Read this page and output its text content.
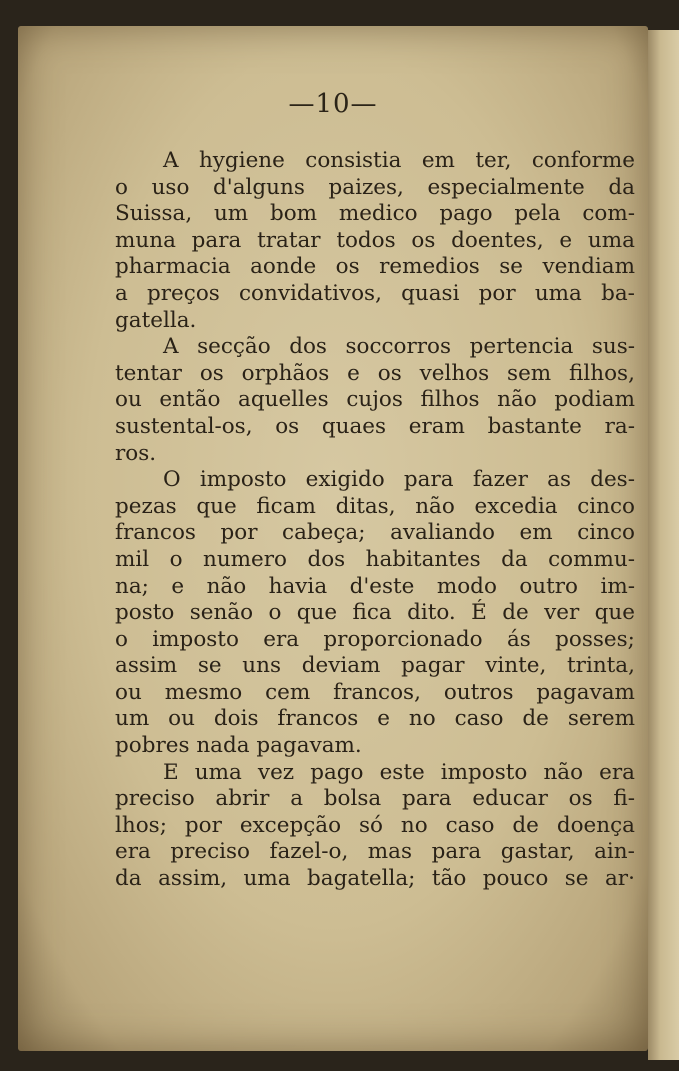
—10—
A hygiene consistia em ter, conforme
o uso d'alguns paizes, especialmente da
Suissa, um bom medico pago pela com-
muna para tratar todos os doentes, e uma
pharmacia aonde os remedios se vendiam
a preços convidativos, quasi por uma ba-
gatella.
A secção dos soccorros pertencia sus-
tentar os orphãos e os velhos sem filhos,
ou então aquelles cujos filhos não podiam
sustental-os, os quaes eram bastante ra-
ros.
O imposto exigido para fazer as des-
pezas que ficam ditas, não excedia cinco
francos por cabeça; avaliando em cinco
mil o numero dos habitantes da commu-
na; e não havia d'este modo outro im-
posto senão o que fica dito. É de ver que
o imposto era proporcionado ás posses;
assim se uns deviam pagar vinte, trinta,
ou mesmo cem francos, outros pagavam
um ou dois francos e no caso de serem
pobres nada pagavam.
E uma vez pago este imposto não era
preciso abrir a bolsa para educar os fi-
lhos; por excepção só no caso de doença
era preciso fazel-o, mas para gastar, ain-
da assim, uma bagatella; tão pouco se ar·
